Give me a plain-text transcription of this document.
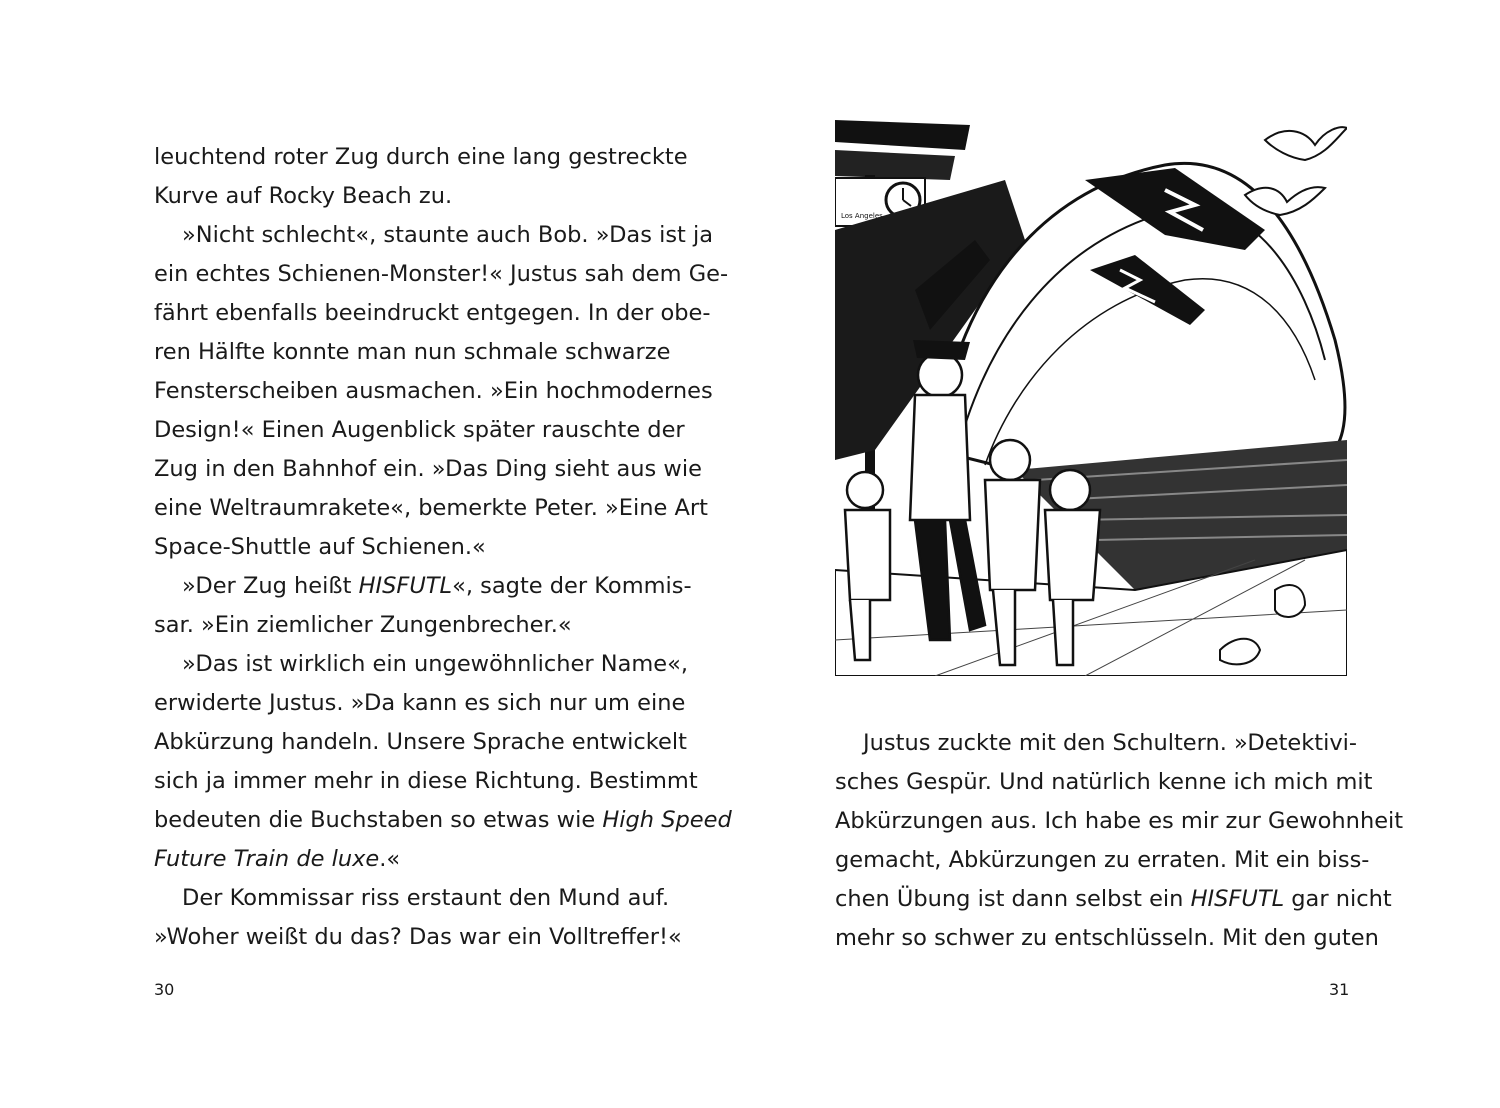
leuchtend roter Zug durch eine lang gestreckte
Kurve auf Rocky Beach zu.
»Nicht schlecht«, staunte auch Bob. »Das ist ja
ein echtes Schienen-Monster!« Justus sah dem Ge-
fährt ebenfalls beeindruckt entgegen. In der obe-
ren Hälfte konnte man nun schmale schwarze
Fensterscheiben ausmachen. »Ein hochmodernes
Design!« Einen Augenblick später rauschte der
Zug in den Bahnhof ein. »Das Ding sieht aus wie
eine Weltraumrakete«, bemerkte Peter. »Eine Art
Space-Shuttle auf Schienen.«
»Der Zug heißt HISFUTL«, sagte der Kommis-
sar. »Ein ziemlicher Zungenbrecher.«
»Das ist wirklich ein ungewöhnlicher Name«,
erwiderte Justus. »Da kann es sich nur um eine
Abkürzung handeln. Unsere Sprache entwickelt
sich ja immer mehr in diese Richtung. Bestimmt
bedeuten die Buchstaben so etwas wie High Speed
Future Train de luxe.«
Der Kommissar riss erstaunt den Mund auf.
»Woher weißt du das? Das war ein Volltreffer!«
30
Los Angeles
Justus zuckte mit den Schultern. »Detektivi-
sches Gespür. Und natürlich kenne ich mich mit
Abkürzungen aus. Ich habe es mir zur Gewohnheit
gemacht, Abkürzungen zu erraten. Mit ein biss-
chen Übung ist dann selbst ein HISFUTL gar nicht
mehr so schwer zu entschlüsseln. Mit den guten
31
